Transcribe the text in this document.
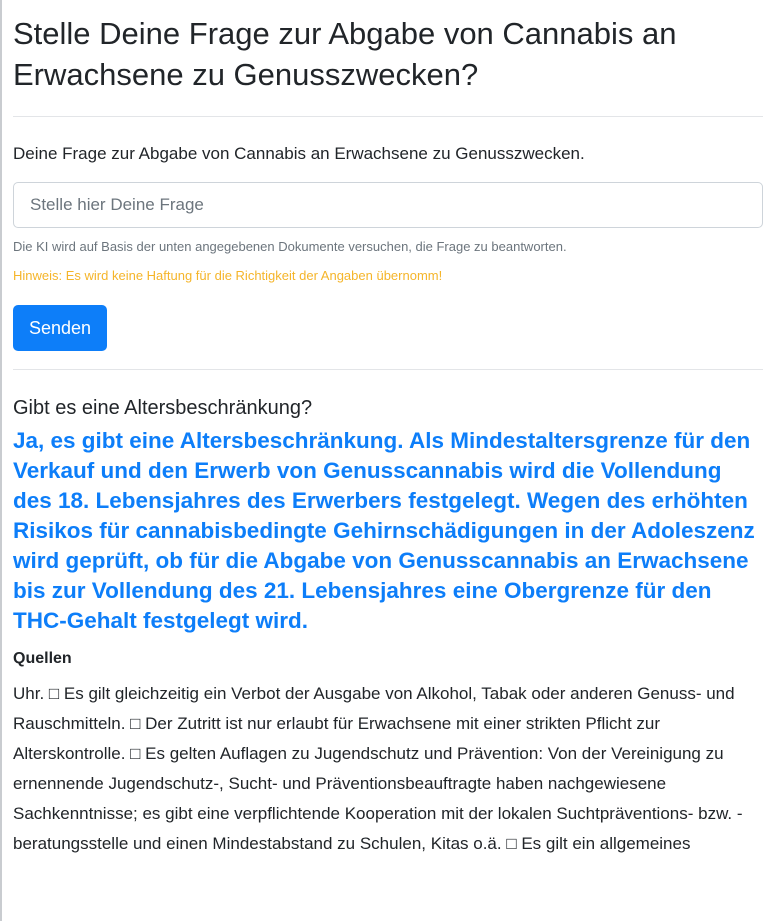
Stelle Deine Frage zur Abgabe von Cannabis an Erwachsene zu Genusszwecken?
Deine Frage zur Abgabe von Cannabis an Erwachsene zu Genusszwecken.
Stelle hier Deine Frage
Die KI wird auf Basis der unten angegebenen Dokumente versuchen, die Frage zu beantworten.
Hinweis: Es wird keine Haftung für die Richtigkeit der Angaben übernomm!
Senden
Gibt es eine Altersbeschränkung?
Ja, es gibt eine Altersbeschränkung. Als Mindestaltersgrenze für den Verkauf und den Erwerb von Genusscannabis wird die Vollendung des 18. Lebensjahres des Erwerbers festgelegt. Wegen des erhöhten Risikos für cannabisbedingte Gehirnschädigungen in der Adoleszenz wird geprüft, ob für die Abgabe von Genusscannabis an Erwachsene bis zur Vollendung des 21. Lebensjahres eine Obergrenze für den THC-Gehalt festgelegt wird.
Quellen
Uhr. □ Es gilt gleichzeitig ein Verbot der Ausgabe von Alkohol, Tabak oder anderen Genuss- und Rauschmitteln. □ Der Zutritt ist nur erlaubt für Erwachsene mit einer strikten Pflicht zur Alterskontrolle. □ Es gelten Auflagen zu Jugendschutz und Prävention: Von der Vereinigung zu ernennende Jugendschutz-, Sucht- und Präventionsbeauftragte haben nachgewiesene Sachkenntnisse; es gibt eine verpflichtende Kooperation mit der lokalen Suchtpräventions- bzw. -beratungsstelle und einen Mindestabstand zu Schulen, Kitas o.ä. □ Es gilt ein allgemeines
